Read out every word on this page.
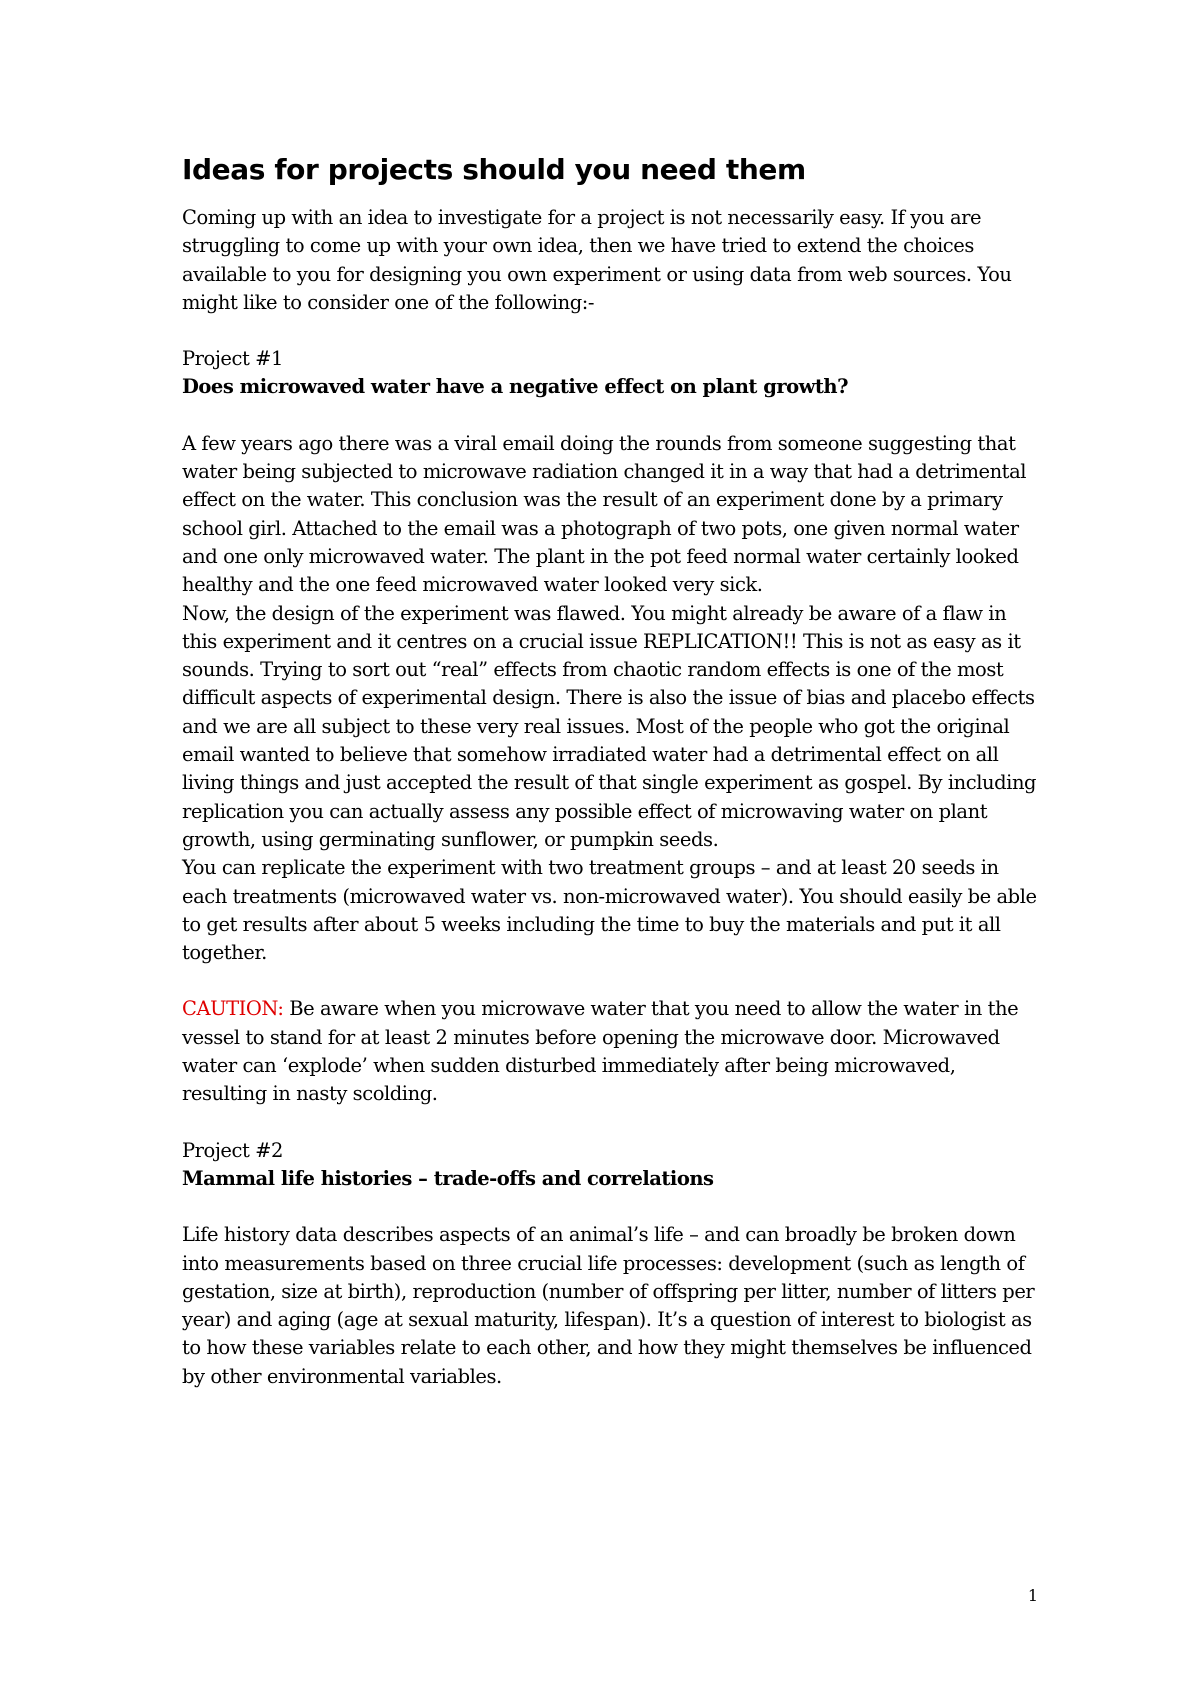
Ideas for projects should you need them

Coming up with an idea to investigate for a project is not necessarily easy. If you are struggling to come up with your own idea, then we have tried to extend the choices available to you for designing you own experiment or using data from web sources. You might like to consider one of the following:-

Project #1

Does microwaved water have a negative effect on plant growth?

A few years ago there was a viral email doing the rounds from someone suggesting that water being subjected to microwave radiation changed it in a way that had a detrimental effect on the water. This conclusion was the result of an experiment done by a primary school girl. Attached to the email was a photograph of two pots, one given normal water and one only microwaved water. The plant in the pot feed normal water certainly looked healthy and the one feed microwaved water looked very sick.

Now, the design of the experiment was flawed. You might already be aware of a flaw in this experiment and it centres on a crucial issue REPLICATION!! This is not as easy as it sounds. Trying to sort out “real” effects from chaotic random effects is one of the most difficult aspects of experimental design. There is also the issue of bias and placebo effects and we are all subject to these very real issues. Most of the people who got the original email wanted to believe that somehow irradiated water had a detrimental effect on all living things and just accepted the result of that single experiment as gospel. By including replication you can actually assess any possible effect of microwaving water on plant growth, using germinating sunflower, or pumpkin seeds.

You can replicate the experiment with two treatment groups – and at least 20 seeds in each treatments (microwaved water vs. non-microwaved water). You should easily be able to get results after about 5 weeks including the time to buy the materials and put it all together.

CAUTION: Be aware when you microwave water that you need to allow the water in the vessel to stand for at least 2 minutes before opening the microwave door. Microwaved water can ‘explode’ when sudden disturbed immediately after being microwaved, resulting in nasty scolding.

Project #2

Mammal life histories – trade-offs and correlations

Life history data describes aspects of an animal’s life – and can broadly be broken down into measurements based on three crucial life processes: development (such as length of gestation, size at birth), reproduction (number of offspring per litter, number of litters per year) and aging (age at sexual maturity, lifespan). It’s a question of interest to biologist as to how these variables relate to each other, and how they might themselves be influenced by other environmental variables.

1
